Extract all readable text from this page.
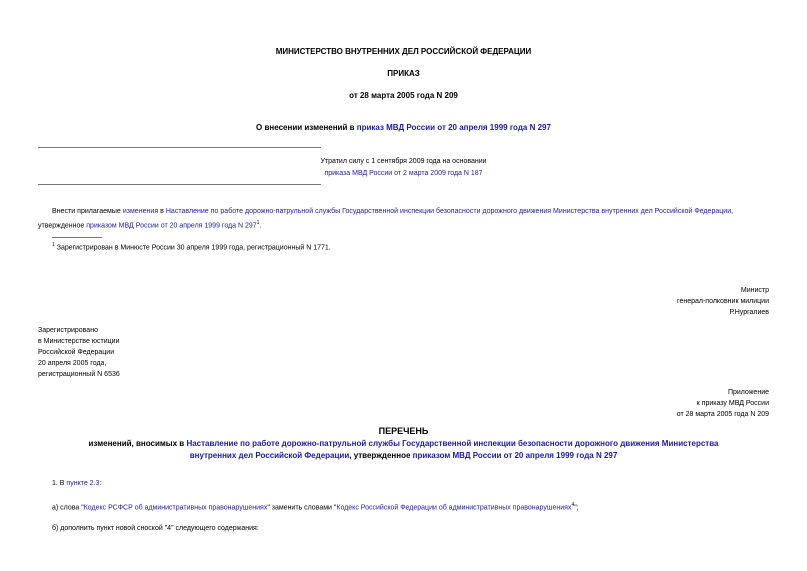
МИНИСТЕРСТВО ВНУТРЕННИХ ДЕЛ РОССИЙСКОЙ ФЕДЕРАЦИИ
ПРИКАЗ
от 28 марта 2005 года N 209
О внесении изменений в приказ МВД России от 20 апреля 1999 года N 297
Утратил силу с 1 сентября 2009 года на основании
приказа МВД России от 2 марта 2009 года N 187
Внести прилагаемые изменения в Наставление по работе дорожно-патрульной службы Государственной инспекции безопасности дорожного движения Министерства внутренних дел Российской Федерации,
утвержденное приказом МВД России от 20 апреля 1999 года N $297^1$.
$^1$ Зарегистрирован в Минюсте России 30 апреля 1999 года, регистрационный N 1771.
Министр
генерал-полковник милиции
Р.Нургалиев
Зарегистрировано
в Министерстве юстиции
Российской Федерации
20 апреля 2005 года,
регистрационный N 6536
Приложение
к приказу МВД России
от 28 марта 2005 года N 209
ПЕРЕЧЕНЬ
изменений, вносимых в Наставление по работе дорожно-патрульной службы Государственной инспекции безопасности дорожного движения Министерства
внутренних дел Российской Федерации, утвержденное приказом МВД России от 20 апреля 1999 года N 297
1. В пункте 2.3:
а) слова "Кодекс РСФСР об административных правонарушениях" заменить словами "Кодекс Российской Федерации об административных правонарушениях$^4$";
б) дополнить пункт новой сноской "4" следующего содержания:
